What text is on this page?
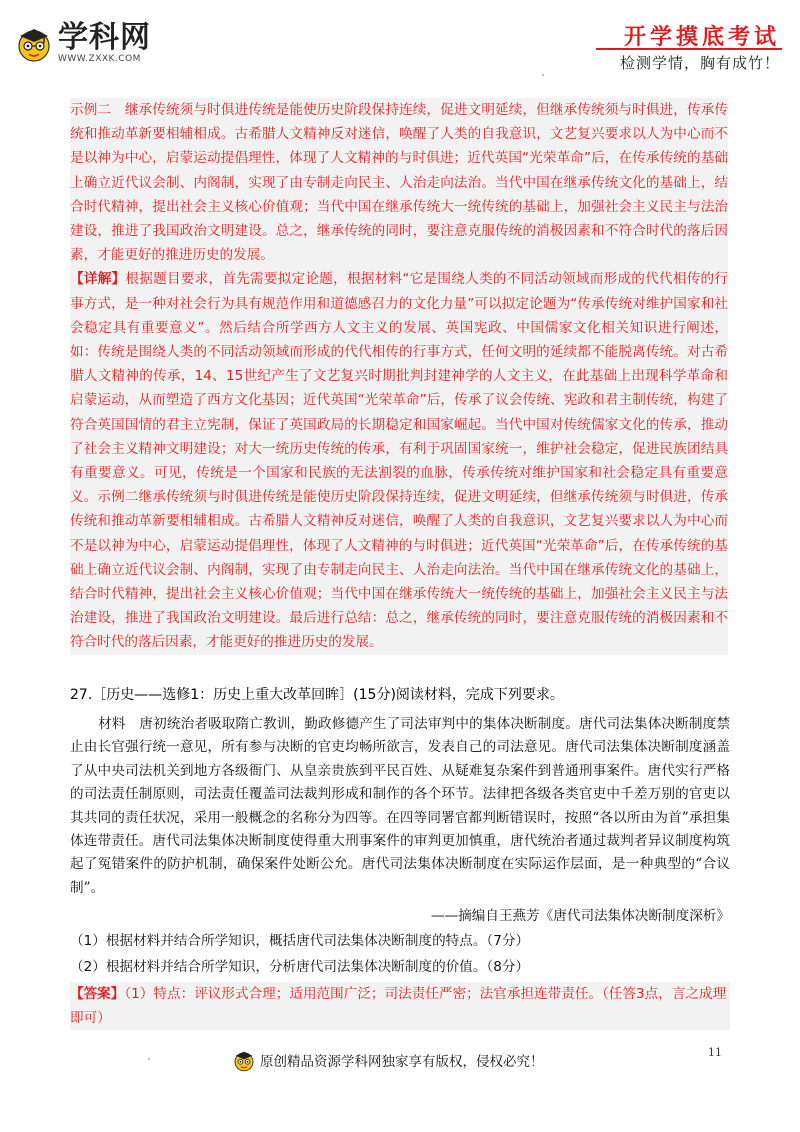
学科网
WWW.ZXXK.COM
开学摸底考试
检测学情，胸有成竹！

示例二　继承传统须与时俱进传统是能使历史阶段保持连续，促进文明延续，但继承传统须与时俱进，传承传统和推动革新要相辅相成。古希腊人文精神反对迷信，唤醒了人类的自我意识，文艺复兴要求以人为中心而不是以神为中心，启蒙运动提倡理性，体现了人文精神的与时俱进；近代英国“光荣革命”后，在传承传统的基础上确立近代议会制、内阁制，实现了由专制走向民主、人治走向法治。当代中国在继承传统文化的基础上，结合时代精神，提出社会主义核心价值观；当代中国在继承传统大一统传统的基础上，加强社会主义民主与法治建设，推进了我国政治文明建设。总之，继承传统的同时，要注意克服传统的消极因素和不符合时代的落后因素，才能更好的推进历史的发展。

【详解】根据题目要求，首先需要拟定论题，根据材料“它是围绕人类的不同活动领域而形成的代代相传的行事方式，是一种对社会行为具有规范作用和道德感召力的文化力量”可以拟定论题为“传承传统对维护国家和社会稳定具有重要意义”。然后结合所学西方人文主义的发展、英国宪政、中国儒家文化相关知识进行阐述，如：传统是围绕人类的不同活动领域而形成的代代相传的行事方式，任何文明的延续都不能脱离传统。对古希腊人文精神的传承，14、15世纪产生了文艺复兴时期批判封建神学的人文主义，在此基础上出现科学革命和启蒙运动，从而塑造了西方文化基因；近代英国“光荣革命”后，传承了议会传统、宪政和君主制传统，构建了符合英国国情的君主立宪制，保证了英国政局的长期稳定和国家崛起。当代中国对传统儒家文化的传承，推动了社会主义精神文明建设；对大一统历史传统的传承，有利于巩固国家统一，维护社会稳定，促进民族团结具有重要意义。可见，传统是一个国家和民族的无法割裂的血脉，传承传统对维护国家和社会稳定具有重要意义。示例二继承传统须与时俱进传统是能使历史阶段保持连续，促进文明延续，但继承传统须与时俱进，传承传统和推动革新要相辅相成。古希腊人文精神反对迷信，唤醒了人类的自我意识，文艺复兴要求以人为中心而不是以神为中心，启蒙运动提倡理性，体现了人文精神的与时俱进；近代英国“光荣革命”后，在传承传统的基础上确立近代议会制、内阁制，实现了由专制走向民主、人治走向法治。当代中国在继承传统文化的基础上，结合时代精神，提出社会主义核心价值观；当代中国在继承传统大一统传统的基础上，加强社会主义民主与法治建设，推进了我国政治文明建设。最后进行总结：总之，继承传统的同时，要注意克服传统的消极因素和不符合时代的落后因素，才能更好的推进历史的发展。

27.［历史——选修1：历史上重大改革回眸］(15分)阅读材料，完成下列要求。
材料　唐初统治者吸取隋亡教训，勤政修德产生了司法审判中的集体决断制度。唐代司法集体决断制度禁止由长官强行统一意见，所有参与决断的官吏均畅所欲言，发表自己的司法意见。唐代司法集体决断制度涵盖了从中央司法机关到地方各级衙门、从皇亲贵族到平民百姓、从疑难复杂案件到普通刑事案件。唐代实行严格的司法责任制原则，司法责任覆盖司法裁判形成和制作的各个环节。法律把各级各类官吏中千差万别的官吏以其共同的责任状况，采用一般概念的名称分为四等。在四等同署官都判断错误时，按照“各以所由为首”承担集体连带责任。唐代司法集体决断制度使得重大刑事案件的审判更加慎重，唐代统治者通过裁判者异议制度构筑起了冤错案件的防护机制，确保案件处断公允。唐代司法集体决断制度在实际运作层面，是一种典型的“合议制”。
——摘编自王燕芳《唐代司法集体决断制度深析》
（1）根据材料并结合所学知识，概括唐代司法集体决断制度的特点。（7分）
（2）根据材料并结合所学知识，分析唐代司法集体决断制度的价值。（8分）

【答案】（1）特点：评议形式合理；适用范围广泛；司法责任严密；法官承担连带责任。（任答3点，言之成理即可）

11
原创精品资源学科网独家享有版权，侵权必究！
